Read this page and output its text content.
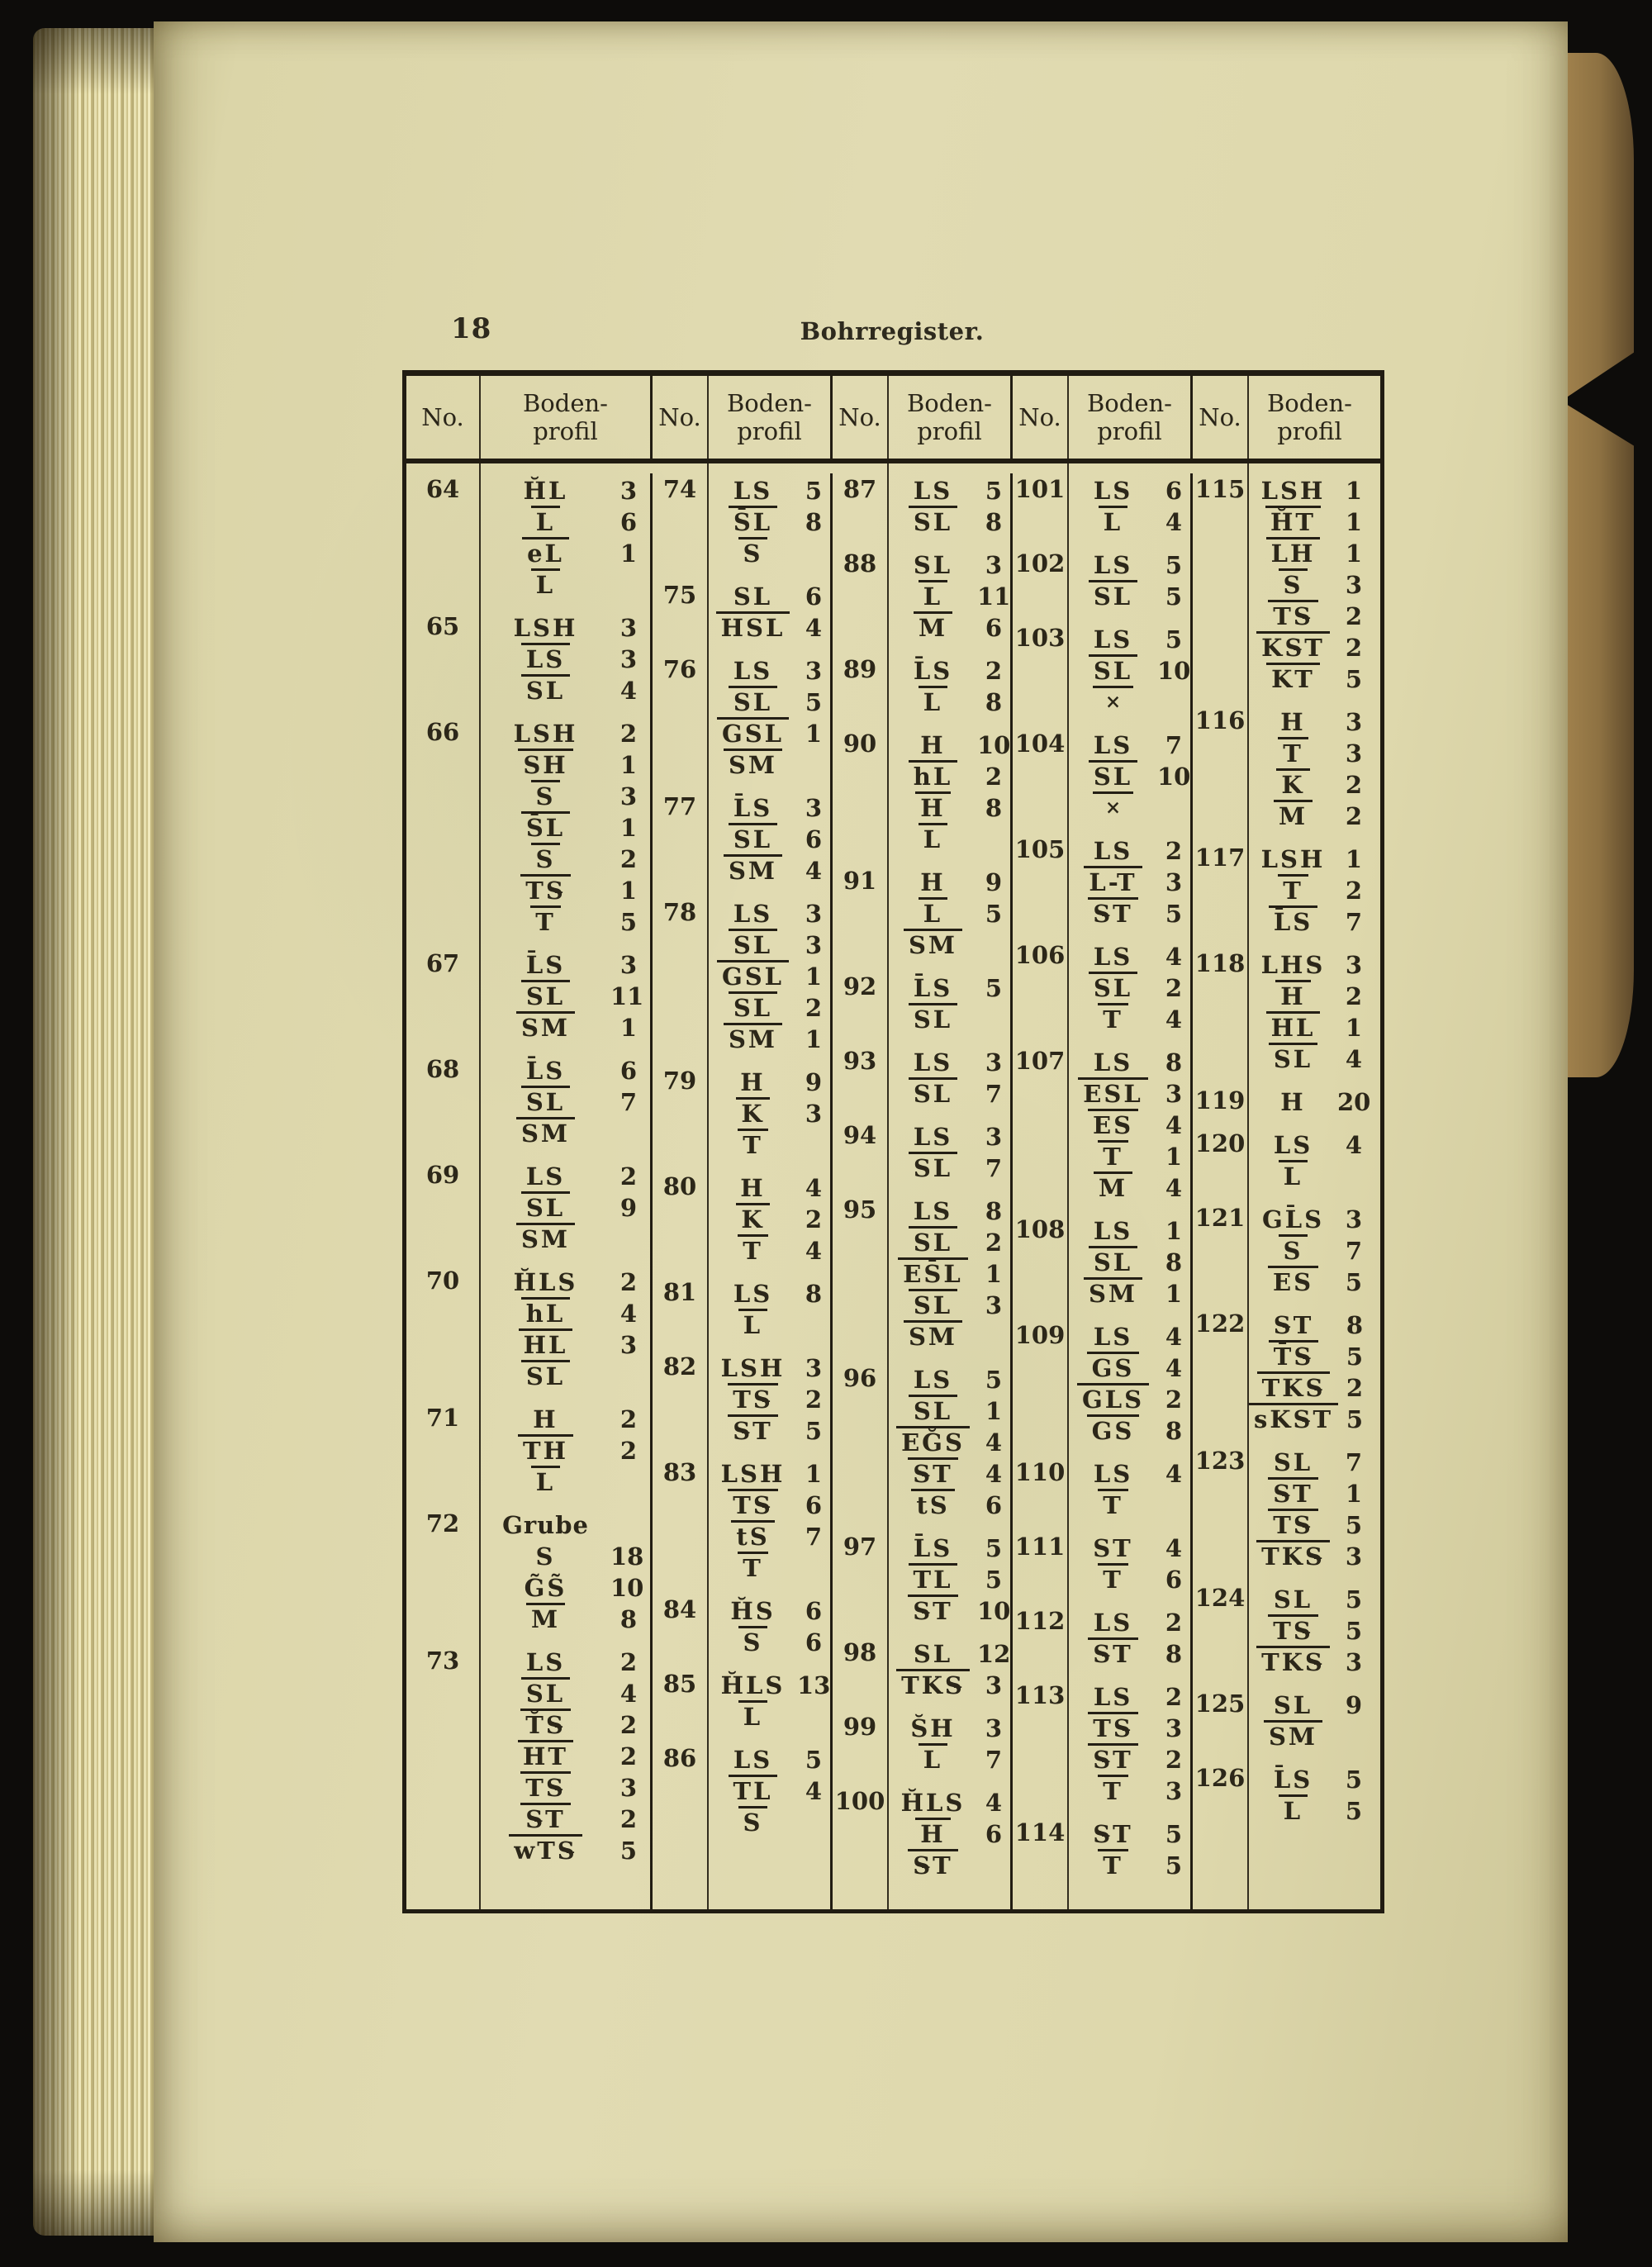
18	Bohrregister.
No.	Boden-
profil	No.	Boden-
profil No.	Boden-
profil No.	Boden-
profil No.	Boden-
profil
64	H̆L	3
L	6
eL	1
L
65	LSH	3
LS	3
SL	4
66	LSH	2
SH	1
S	3
S̄L	1
S	2
TS̵	1
T	5
67	L̄S	3
SL 11
SM	1
68	L̄S	6
SL	7
SM
69	LS	2
SL	9
SM
70	H̆LS	2
hL	4
HL	3
SL
71	H	2
TH	2
L
72	Grube
S 18
G̃S̃ 10
M	8
73	LS	2
SL	4
T̆S̵	2
HT	2
TS̵	3
S̵T	2
wTS̵	5
74	LS	5
S̄L	8
S
75	SL	6
HSL 4
76	LS	3
SL	5
GSL 1
SM
77	L̄S	3
SL	6
SM	4
78	LS	3
SL	3
GSL 1
SL	2
SM	1
79	H	9
K	3
T
80	H	4
K	2
T	4
81	LS	8
L
82	LSH 3
TS̵	2
S̵T	5
83	LSH 1
TS̵	6
tS	7
T
84	H̆S	6
S	6
85	H̆LS 13
L
86	LS	5
TL	4
S
87	LS	5
SL	8
88	SL	3
L 11
M	6
89	L̄S	2
L	8
90	H 10
hL	2
H	8
L
91	H	9
L	5
SM
92	L̄S	5
SL
93	LS	3
SL	7
94	LS	3
SL	7
95	LS	8
SL	2
ES̄L 1
SL	3
SM
96	LS	5
SL	1
EĞS 4
S̵T	4
tS	6
97	L̄S	5
TL	5
S̵T 10
98	SL 12
TKS̵ 3
99	S̆H	3
L	7
100 H̆LS 4
H	6
S̵T
101 LS	6
L	4
102 LS	5
SL	5
103 LS	5
SL 10
×
104 LS	7
SL 10
×
105 LS	2
L-T	3
S̵T	5
106 LS	4
SL	2
T	4
107 LS	8
ESL 3
ES	4
T	1
M	4
108 LS	1
SL	8
SM	1
109 LS	4
GS	4
GLS 2
GS	8
110 LS	4
T
111 ST	4
T	6
112 LS	2
S̵T	8
113 LS	2
TS̵	3
S̵T	2
T	3
114 S̵T	5
T	5
115 LSH 1
H̆T	1
LH	1
S	3
TS̵	2
KS̵T 2
KT	5
116 H	3
T	3
K	2
M	2
117 LSH 1
T	2
L̄S	7
118 LHS 3
H	2
HL	1
SL	4
119 H 20
120 LS	4
L
121 GL̄S 3
S	7
ES	5
122 S̵T	8
T̄S̵	5
TKS̵ 2
sKS̵T 5
123 SL	7
S̵T	1
TS̵	5
TKS̵ 3
124 SL	5
TS̵	5
TKS̵ 3
125 SL	9
SM
126 L̄S	5
L	5
